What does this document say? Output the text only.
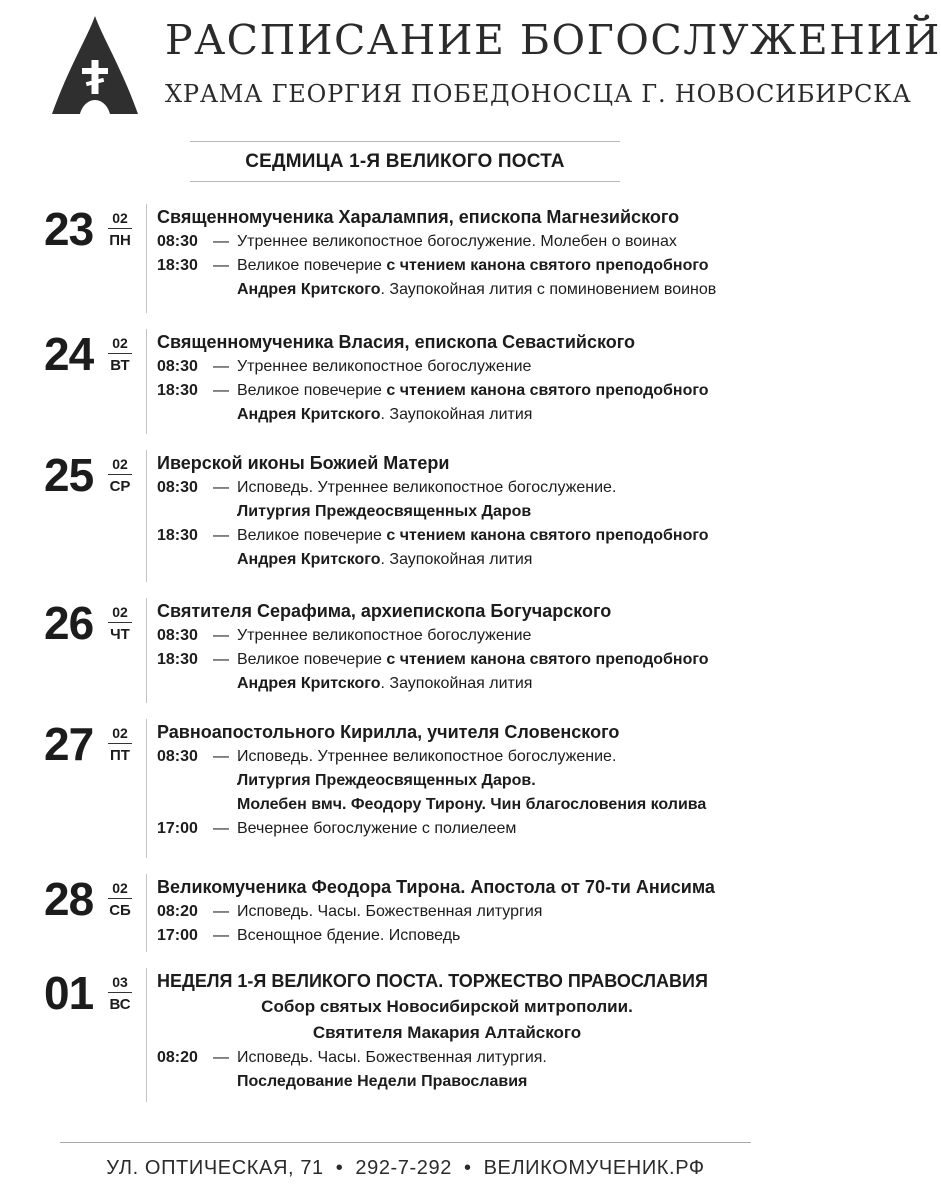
РАСПИСАНИЕ БОГОСЛУЖЕНИЙ
ХРАМА ГЕОРГИЯ ПОБЕДОНОСЦА Г. НОВОСИБИРСКА
СЕДМИЦА 1-Я ВЕЛИКОГО ПОСТА
23	02
ПН
Священномученика Харалампия, епископа Магнезийского
08:30 — Утреннее великопостное богослужение. Молебен о воинах
18:30 — Великое повечерие с чтением канона святого преподобного
Андрея Критского. Заупокойная лития с поминовением воинов
24	02
ВТ
Священномученика Власия, епископа Севастийского
08:30 — Утреннее великопостное богослужение
18:30 — Великое повечерие с чтением канона святого преподобного
Андрея Критского. Заупокойная лития
25	02
СР
Иверской иконы Божией Матери
08:30 — Исповедь. Утреннее великопостное богослужение.
Литургия Преждеосвященных Даров
18:30 — Великое повечерие с чтением канона святого преподобного
Андрея Критского. Заупокойная лития
26	02
ЧТ
Святителя Серафима, архиепископа Богучарского
08:30 — Утреннее великопостное богослужение
18:30 — Великое повечерие с чтением канона святого преподобного
Андрея Критского. Заупокойная лития
27	02
ПТ
Равноапостольного Кирилла, учителя Словенского
08:30 — Исповедь. Утреннее великопостное богослужение.
Литургия Преждеосвященных Даров.
Молебен вмч. Феодору Тирону. Чин благословения колива
17:00 — Вечернее богослужение с полиелеем
28	02
СБ
Великомученика Феодора Тирона. Апостола от 70-ти Анисима
08:20 — Исповедь. Часы. Божественная литургия
17:00 — Всенощное бдение. Исповедь
01	03
ВС
НЕДЕЛЯ 1-Я ВЕЛИКОГО ПОСТА. ТОРЖЕСТВО ПРАВОСЛАВИЯ
Собор святых Новосибирской митрополии.
Святителя Макария Алтайского
08:20 — Исповедь. Часы. Божественная литургия.
Последование Недели Православия
УЛ. ОПТИЧЕСКАЯ, 71 • 292-7-292 • ВЕЛИКОМУЧЕНИК.РФ
